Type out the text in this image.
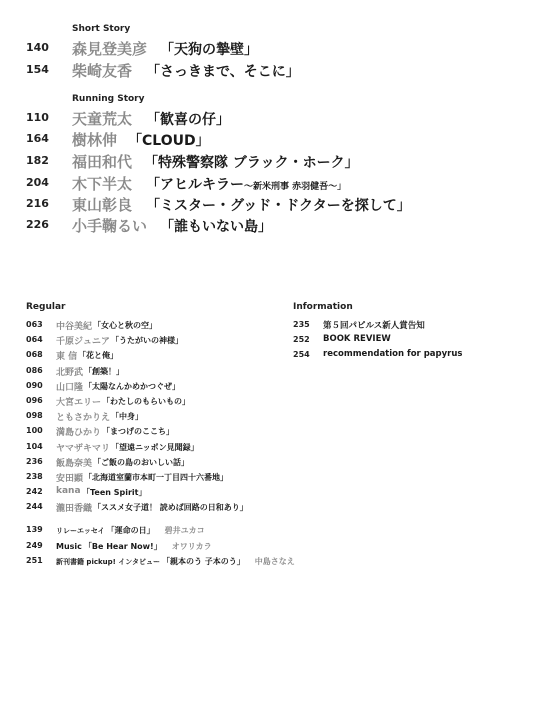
Short Story
140 森見登美彦 「天狗の摯壁」
154 柴崎友香 「さっきまで、そこに」
Running Story
110 天童荒太 「歓喜の仔」
164 樹林伸 「CLOUD」
182 福田和代 「特殊警察隊 ブラック・ホーク」
204 木下半太 「アヒルキラー～新米刑事 赤羽健吾～」
216 東山彰良 「ミスター・グッド・ドクターを探して」
226 小手鞠るい 「誰もいない島」
Regular
063 中谷美紀 「女心と秋の空」
064 千原ジュニア 「うたがいの神様」
068 東 信 「花と俺」
086 北野武 「創築！」
090 山口隆 「太陽なんかめかつぐぜ」
096 大宮エリー 「わたしのもらいもの」
098 ともさかりえ 「中身」
100 満島ひかり 「まつげのここち」
104 ヤマザキマリ 「望遠ニッポン見聞録」
236 飯島奈美 「ご飯の島のおいしい話」
238 安田顕 「北海道室蘭市本町一丁目四十六番地」
242 kana 「Teen Spirit」
244 瀧田香織 「ススメ女子道！ 読めば回路の日和あり」
Information
235 第５回パピルス新人賞告知
252 BOOK REVIEW
254 recommendation for papyrus
139 リレーエッセイ 「運命の日」 碧井ユカコ
249 Music 「Be Hear Now!」 オワリカラ
251 新刊書籍 pickup! インタビュー 「親本のう 子本のう」 中島さなえ
